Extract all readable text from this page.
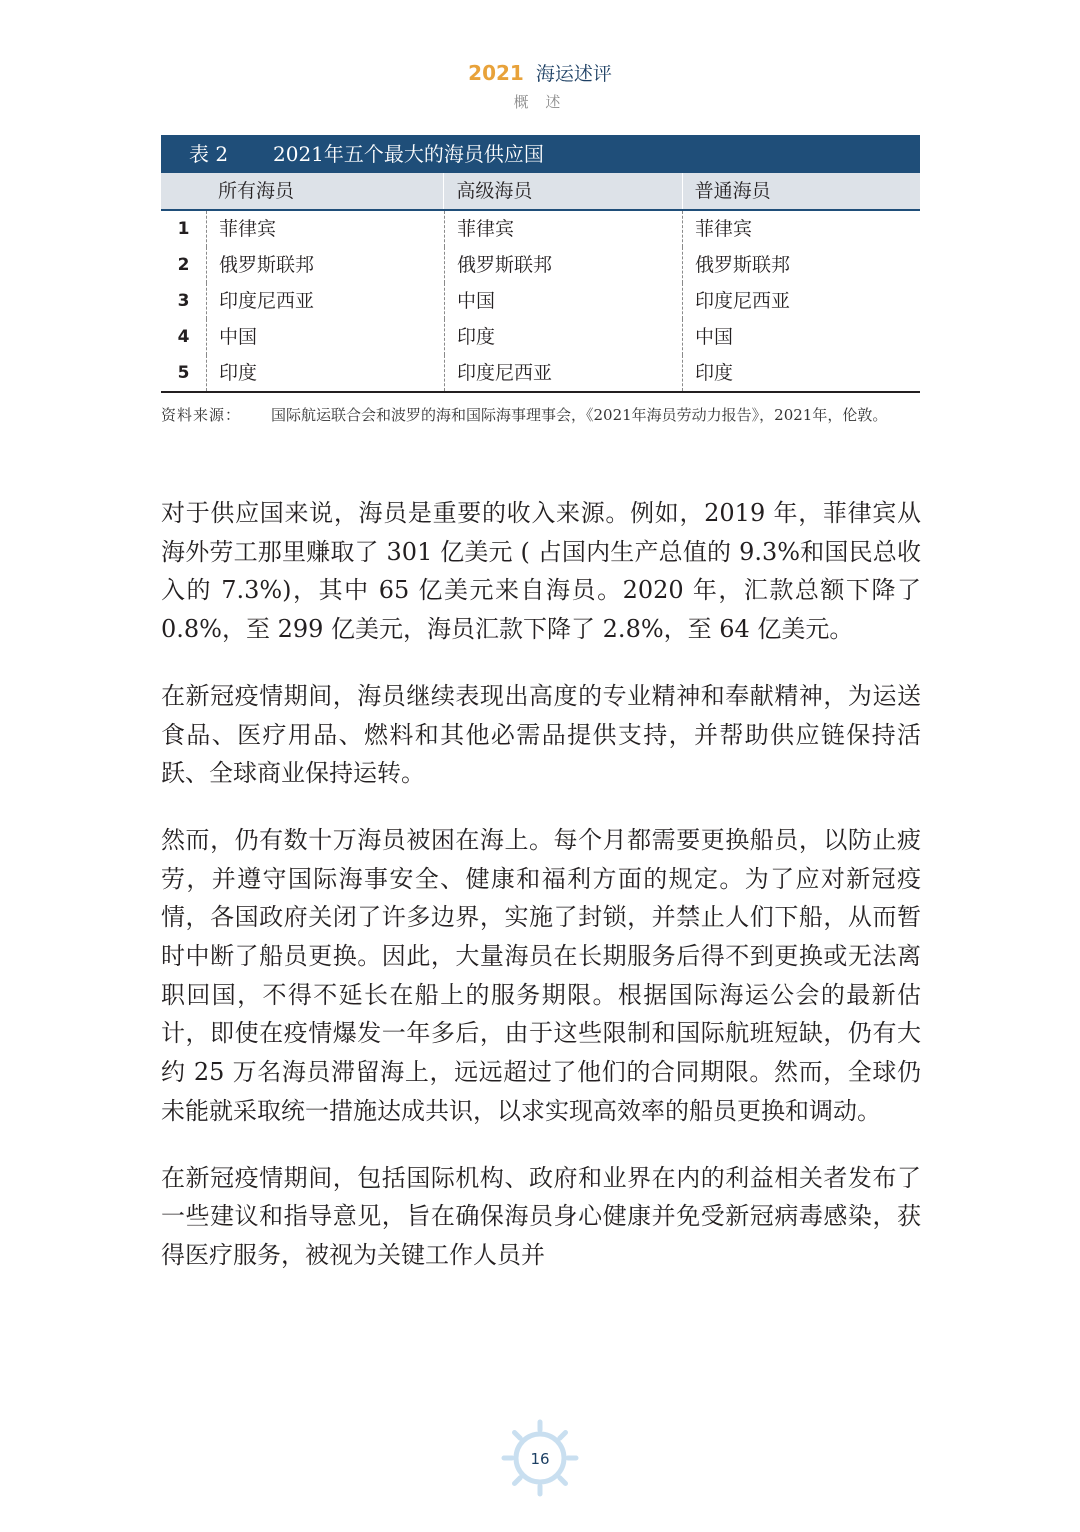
2021 海运述评
概 述
表 2 2021年五个最大的海员供应国
所有海员	高级海员	普通海员
1	菲律宾	菲律宾	菲律宾
2	俄罗斯联邦	俄罗斯联邦	俄罗斯联邦
3	印度尼西亚	中国	印度尼西亚
4	中国	印度	中国
5	印度	印度尼西亚	印度
资料来源：	国际航运联合会和波罗的海和国际海事理事会，《2021年海员劳动力报告》，2021年，伦敦。

对于供应国来说，海员是重要的收入来源。例如，2019 年，菲律宾从海外劳工那里赚取了 301 亿美元 ( 占国内生产总值的 9.3%和国民总收入的 7.3%)，其中 65 亿美元来自海员。2020 年，汇款总额下降了 0.8%，至 299 亿美元，海员汇款下降了 2.8%，至 64 亿美元。

在新冠疫情期间，海员继续表现出高度的专业精神和奉献精神，为运送食品、医疗用品、燃料和其他必需品提供支持，并帮助供应链保持活跃、全球商业保持运转。

然而，仍有数十万海员被困在海上。每个月都需要更换船员，以防止疲劳，并遵守国际海事安全、健康和福利方面的规定。为了应对新冠疫情，各国政府关闭了许多边界，实施了封锁，并禁止人们下船，从而暂时中断了船员更换。因此，大量海员在长期服务后得不到更换或无法离职回国，不得不延长在船上的服务期限。根据国际海运公会的最新估计，即使在疫情爆发一年多后，由于这些限制和国际航班短缺，仍有大约 25 万名海员滞留海上，远远超过了他们的合同期限。然而，全球仍未能就采取统一措施达成共识，以求实现高效率的船员更换和调动。

在新冠疫情期间，包括国际机构、政府和业界在内的利益相关者发布了一些建议和指导意见，旨在确保海员身心健康并免受新冠病毒感染，获得医疗服务，被视为关键工作人员并

16
